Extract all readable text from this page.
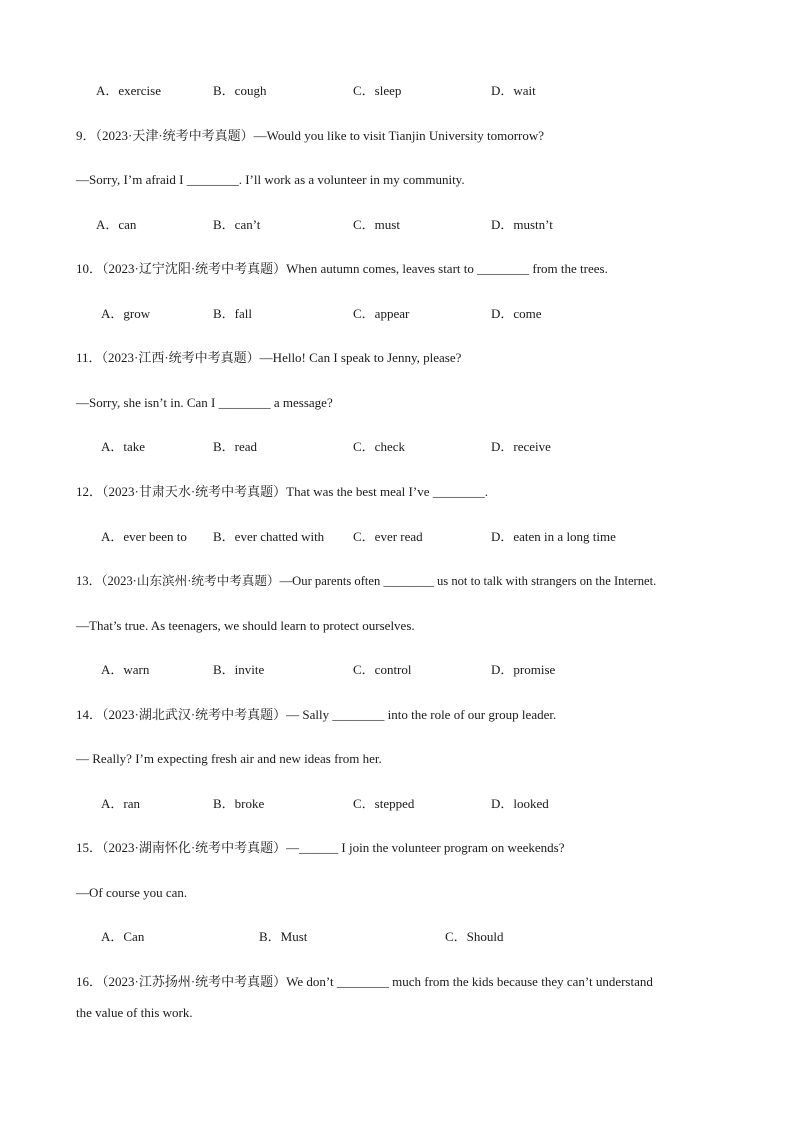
A．exercise	B．cough	C．sleep	D．wait
9．（2023·天津·统考中考真题）—Would you like to visit Tianjin University tomorrow?
—Sorry, I’m afraid I ________. I’ll work as a volunteer in my community.
A．can	B．can’t	C．must	D．mustn’t
10．（2023·辽宁沈阳·统考中考真题）When autumn comes, leaves start to ________ from the trees.
A．grow	B．fall	C．appear	D．come
11．（2023·江西·统考中考真题）—Hello! Can I speak to Jenny, please?
—Sorry, she isn’t in. Can I ________ a message?
A．take	B．read	C．check	D．receive
12．（2023·甘肃天水·统考中考真题）That was the best meal I’ve ________.
A．ever been to B．ever chatted with C．ever read	D．eaten in a long time
13．（2023·山东滨州·统考中考真题）—Our parents often ________ us not to talk with strangers on the Internet.
—That’s true. As teenagers, we should learn to protect ourselves.
A．warn	B．invite	C．control	D．promise
14．（2023·湖北武汉·统考中考真题）— Sally ________ into the role of our group leader.
— Really? I’m expecting fresh air and new ideas from her.
A．ran	B．broke	C．stepped	D．looked
15．（2023·湖南怀化·统考中考真题）—______ I join the volunteer program on weekends?
—Of course you can.
A．Can	B．Must	C．Should
16．（2023·江苏扬州·统考中考真题）We don’t ________ much from the kids because they can’t understand
the value of this work.
